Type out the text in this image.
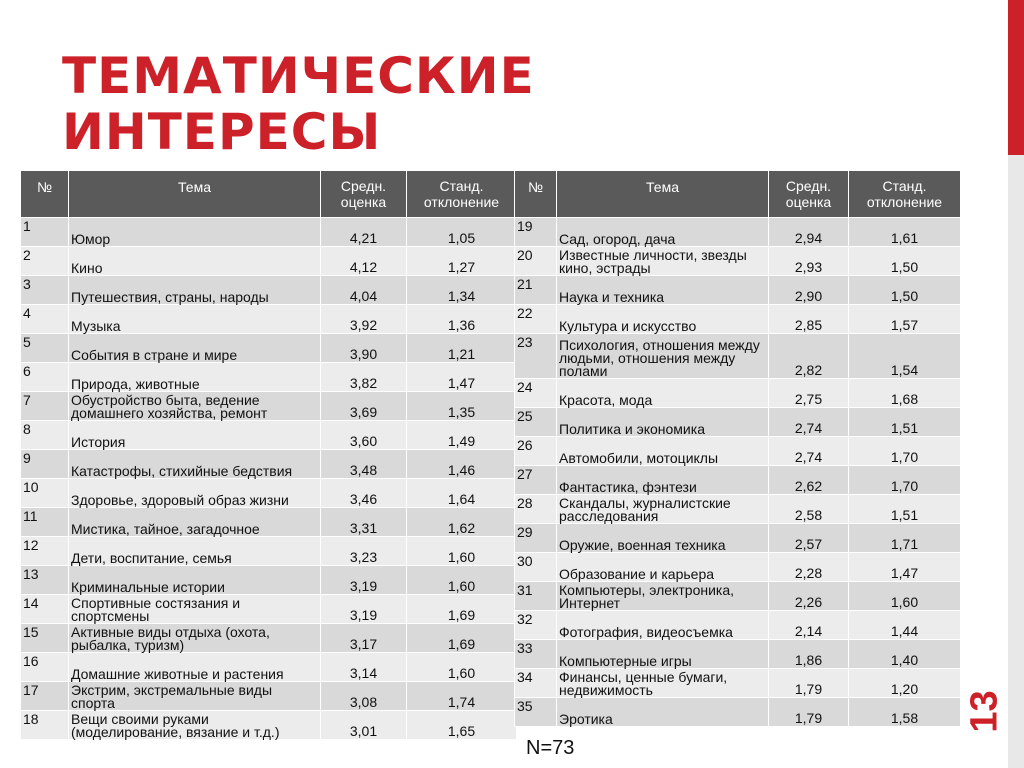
13
ТЕМАТИЧЕСКИЕ
ИНТЕРЕСЫ
№	Тема	Средн. оценка	Станд. отклонение
1	Юмор	4,21	1,05
2	Кино	4,12	1,27
3	Путешествия, страны, народы	4,04	1,34
4	Музыка	3,92	1,36
5	События в стране и мире	3,90	1,21
6	Природа, животные	3,82	1,47
7	Обустройство быта, ведение домашнего хозяйства, ремонт	3,69	1,35
8	История	3,60	1,49
9	Катастрофы, стихийные бедствия	3,48	1,46
10	Здоровье, здоровый образ жизни	3,46	1,64
11	Мистика, тайное, загадочное	3,31	1,62
12	Дети, воспитание, семья	3,23	1,60
13	Криминальные истории	3,19	1,60
14	Спортивные состязания и спортсмены	3,19	1,69
15	Активные виды отдыха (охота, рыбалка, туризм)	3,17	1,69
16	Домашние животные и растения	3,14	1,60
17	Экстрим, экстремальные виды спорта	3,08	1,74
18	Вещи своими руками (моделирование, вязание и т.д.)	3,01	1,65
№	Тема	Средн. оценка	Станд. отклонение
19	Сад, огород, дача	2,94	1,61
20	Известные личности, звезды кино, эстрады	2,93	1,50
21	Наука и техника	2,90	1,50
22	Культура и искусство	2,85	1,57
23	Психология, отношения между людьми, отношения между полами	2,82	1,54
24	Красота, мода	2,75	1,68
25	Политика и экономика	2,74	1,51
26	Автомобили, мотоциклы	2,74	1,70
27	Фантастика, фэнтези	2,62	1,70
28	Скандалы, журналистские расследования	2,58	1,51
29	Оружие, военная техника	2,57	1,71
30	Образование и карьера	2,28	1,47
31	Компьютеры, электроника, Интернет	2,26	1,60
32	Фотография, видеосъемка	2,14	1,44
33	Компьютерные игры	1,86	1,40
34	Финансы, ценные бумаги, недвижимость	1,79	1,20
35	Эротика	1,79	1,58
N=73
